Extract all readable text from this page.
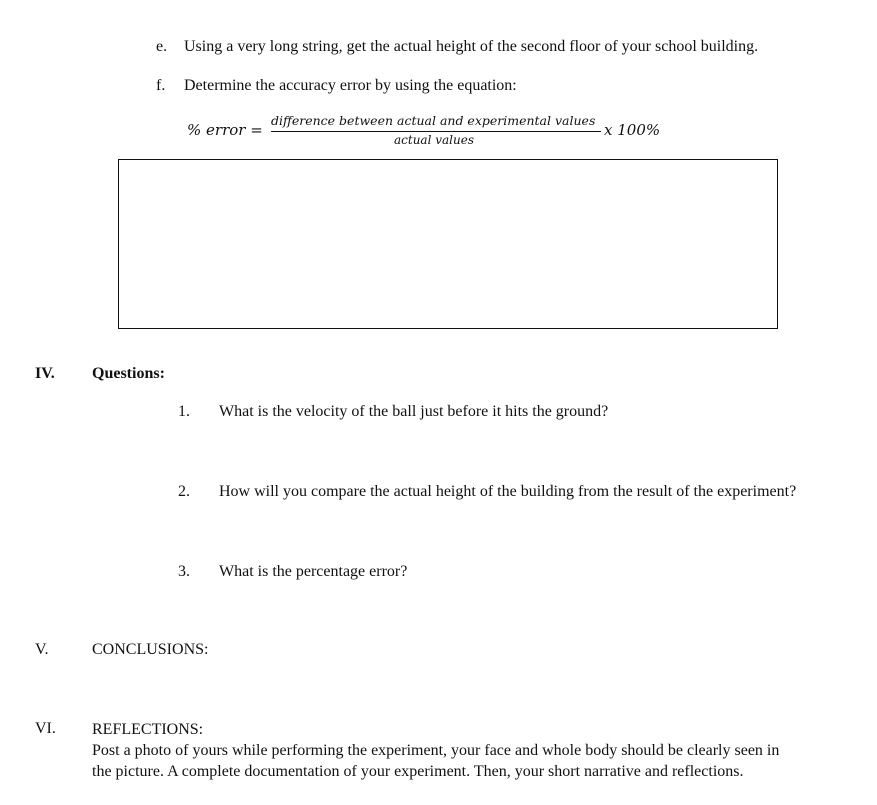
e. Using a very long string, get the actual height of the second floor of your school building.
f. Determine the accuracy error by using the equation:
% error =
difference between actual and experimental values
actual values
x 100%
IV. Questions:
1. What is the velocity of the ball just before it hits the ground?
2. How will you compare the actual height of the building from the result of the experiment?
3. What is the percentage error?
V.	CONCLUSIONS:
VI. REFLECTIONS:
Post a photo of yours while performing the experiment, your face and whole body should be clearly seen in
the picture. A complete documentation of your experiment. Then, your short narrative and reflections.
